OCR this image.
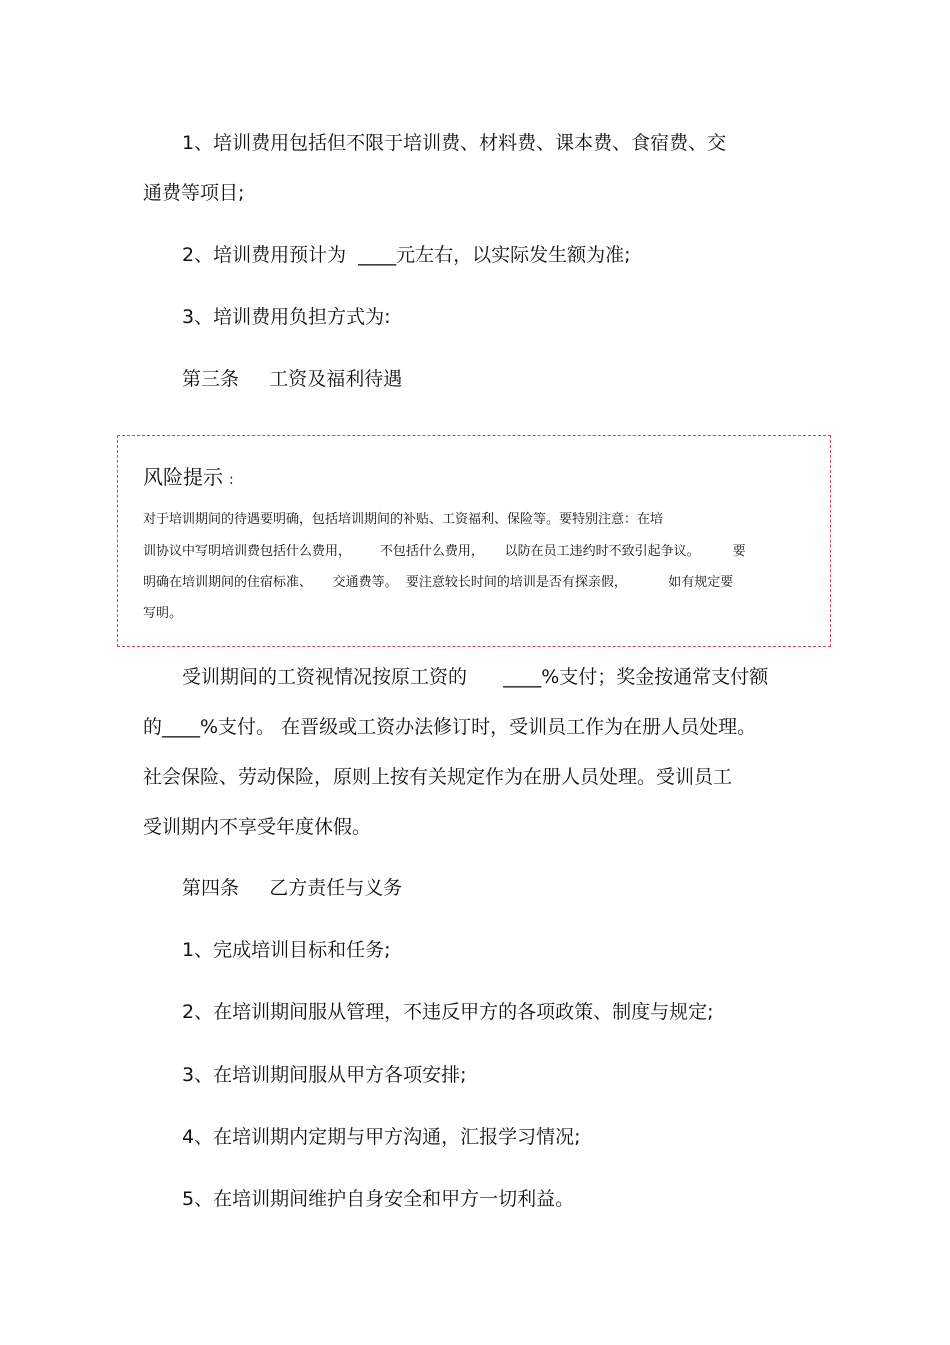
1、培训费用包括但不限于培训费、材料费、课本费、食宿费、交
通费等项目;
2、培训费用预计为  ____元左右，以实际发生额为准;
3、培训费用负担方式为:
第三条     工资及福利待遇
风险提示 :
对于培训期间的待遇要明确，包括培训期间的补贴、工资福利、保险等。要特别注意：在培
训协议中写明培训费包括什么费用，       不包括什么费用，     以防在员工违约时不致引起争议。        要
明确在培训期间的住宿标准、     交通费等。  要注意较长时间的培训是否有探亲假，          如有规定要
写明。
受训期间的工资视情况按原工资的      ____%支付；奖金按通常支付额
的____%支付。 在晋级或工资办法修订时，受训员工作为在册人员处理。
社会保险、劳动保险，原则上按有关规定作为在册人员处理。受训员工
受训期内不享受年度休假。
第四条     乙方责任与义务
1、完成培训目标和任务;
2、在培训期间服从管理，不违反甲方的各项政策、制度与规定;
3、在培训期间服从甲方各项安排;
4、在培训期内定期与甲方沟通，汇报学习情况;
5、在培训期间维护自身安全和甲方一切利益。
